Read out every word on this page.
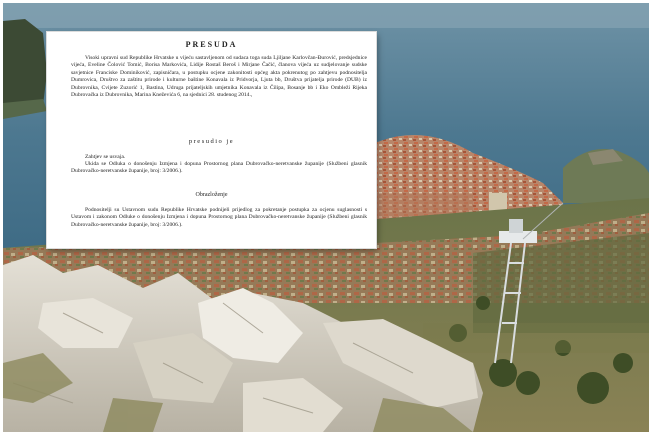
PRESUDA

Visoki upravni sud Republike Hrvatske u vijeću sastavljenom od sudaca toga suda Ljiljane Karlovčan-Đurović, predsjednice vijeća, Eveline Čolović Tomić, Borisa Markovića, Lidije Rostaš Beroš i Mirjane Čačić, članova vijeća uz sudjelovanje sudske savjetnice Franciske Dominiković, zapisničara, u postupku ocjene zakonitosti općeg akta pokrenutog po zahtjevu podnositelja Dumrovica, Društvo za zaštitu prirode i kulturne baštine Konavala iz Pridvorja, Ljuta bb, Društva prijatelja prirode (DUB) iz Dubrovnika, Cvijete Zuzorić 1, Bastina, Udruga prijateljskih umjetnika Konavala iz Čilipa, Bosanje bb i Eko Ombleži Rijeka Dubrovačka iz Dubrovnika, Marina Kneževića 6, na sjednici 28. studenog 2014.,

presudio je

Zahtjev se usvaja.

Ukida se Odluka o donošenju Izmjena i dopuna Prostornog plana Dubrovačko-neretvanske županije (Službeni glasnik Dubrovačko-neretvanske županije, broj: 3/2006.).

Obrazloženje

Podnositelji su Ustavnom sudu Republike Hrvatske podnijeli prijedlog za pokretanje postupka za ocjenu suglasnosti s Ustavom i zakonom Odluke o donošenju Izmjena i dopuna Prostornog plana Dubrovačko-neretvanske županije (Službeni glasnik Dubrovačko-neretvanske županije, broj: 3/2006.).
